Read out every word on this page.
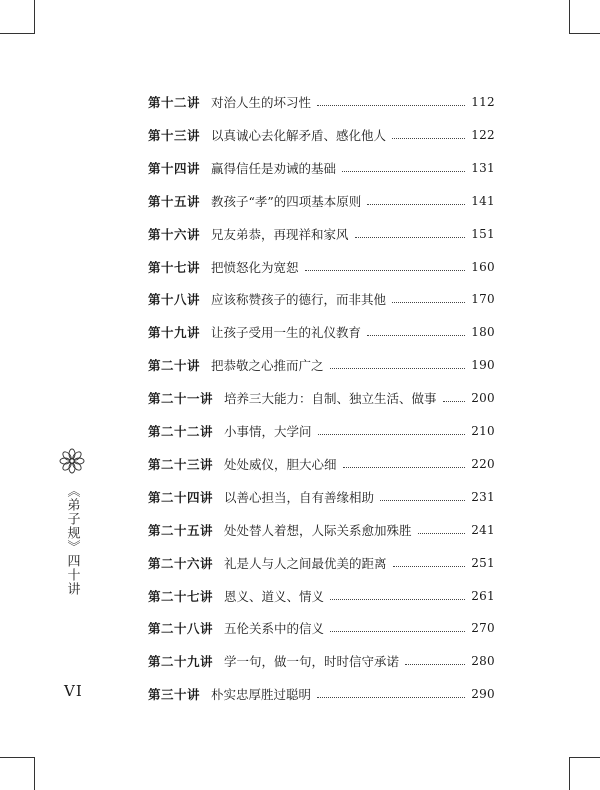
第十二讲 对治人生的坏习性	112
第十三讲 以真诚心去化解矛盾、感化他人	122
第十四讲 赢得信任是劝诫的基础	131
第十五讲 教孩子“孝”的四项基本原则	141
第十六讲 兄友弟恭，再现祥和家风	151
第十七讲 把愤怒化为宽恕	160
第十八讲 应该称赞孩子的德行，而非其他	170
第十九讲 让孩子受用一生的礼仪教育	180
第二十讲 把恭敬之心推而广之	190
第二十一讲 培养三大能力：自制、独立生活、做事	200
第二十二讲 小事情，大学问	210
第二十三讲 处处威仪，胆大心细	220
第二十四讲 以善心担当，自有善缘相助	231
第二十五讲 处处替人着想，人际关系愈加殊胜	241
第二十六讲 礼是人与人之间最优美的距离	251
第二十七讲 恩义、道义、情义	261
第二十八讲 五伦关系中的信义	270
第二十九讲 学一句，做一句，时时信守承诺	280
第三十讲 朴实忠厚胜过聪明	290
《弟子规》四十讲
VI
